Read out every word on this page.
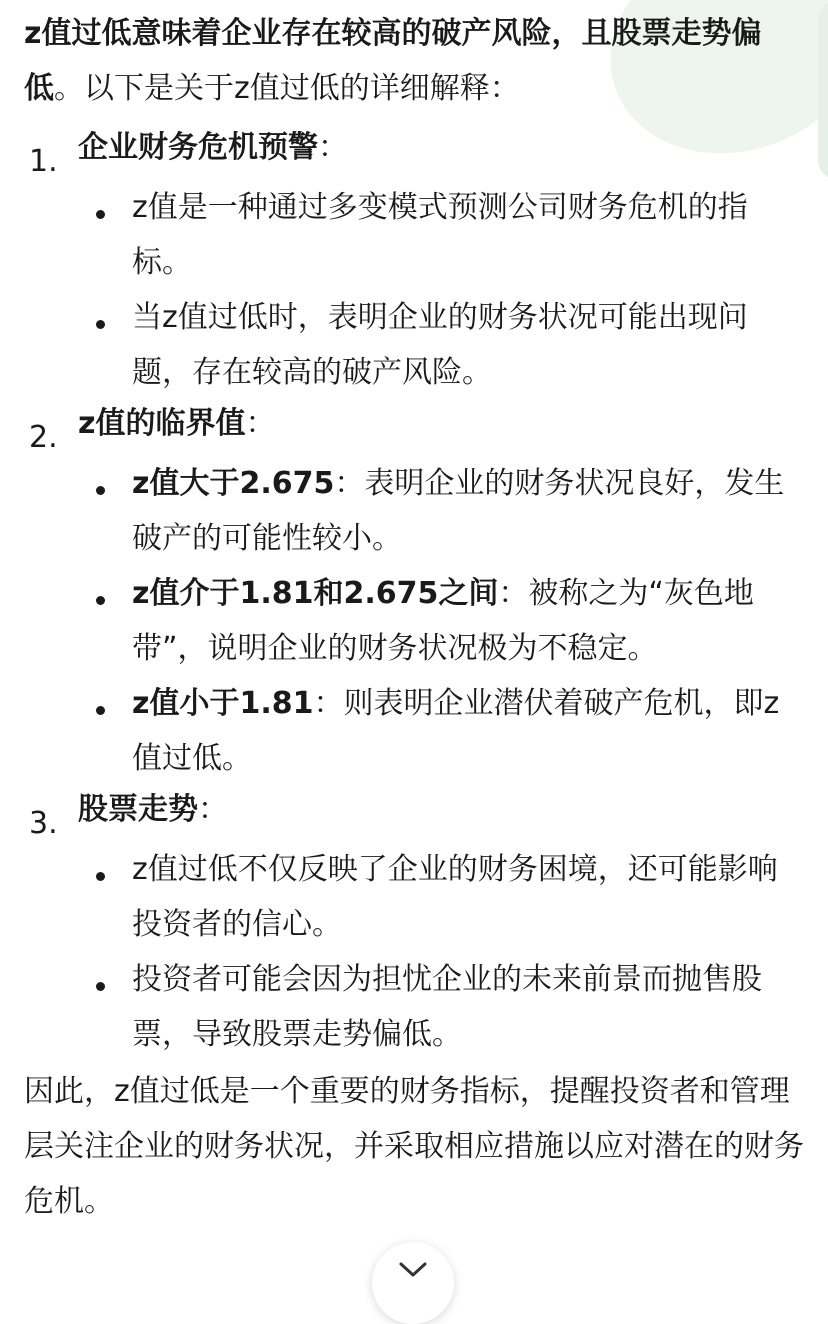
z值过低意味着企业存在较高的破产风险，且股票走势偏低。以下是关于z值过低的详细解释：

1. 企业财务危机预警：

z值是一种通过多变模式预测公司财务危机的指标。

当z值过低时，表明企业的财务状况可能出现问题，存在较高的破产风险。

2. z值的临界值：

z值大于2.675：表明企业的财务状况良好，发生破产的可能性较小。

z值介于1.81和2.675之间：被称之为“灰色地带”，说明企业的财务状况极为不稳定。

z值小于1.81：则表明企业潜伏着破产危机，即z值过低。

3. 股票走势：

z值过低不仅反映了企业的财务困境，还可能影响投资者的信心。

投资者可能会因为担忧企业的未来前景而抛售股票，导致股票走势偏低。

因此，z值过低是一个重要的财务指标，提醒投资者和管理层关注企业的财务状况，并采取相应措施以应对潜在的财务危机。
